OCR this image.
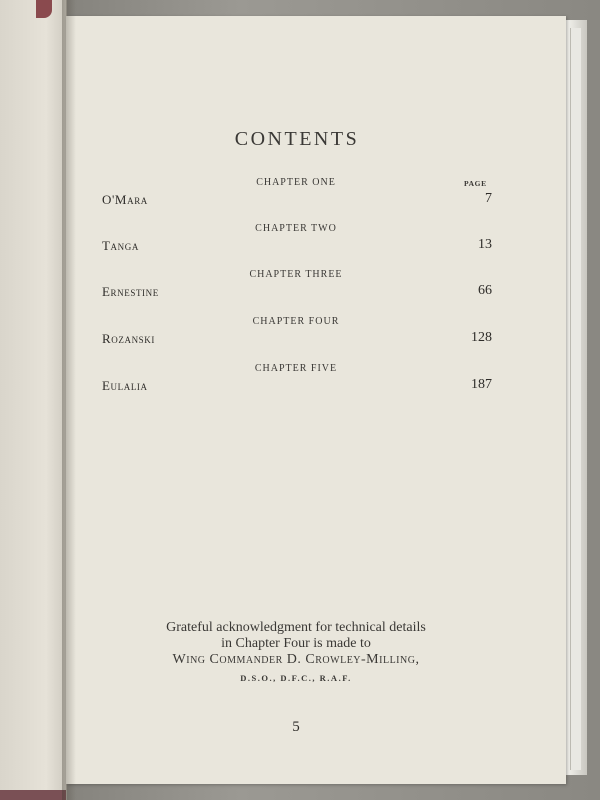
CONTENTS
PAGE
CHAPTER ONE
O'Mara	7
CHAPTER TWO
Tanga	13
CHAPTER THREE
Ernestine	66
CHAPTER FOUR
Rozanski	128
CHAPTER FIVE
Eulalia	187
Grateful acknowledgment for technical details
in Chapter Four is made to
Wing Commander D. Crowley-Milling,
D.S.O., D.F.C., R.A.F.
5
